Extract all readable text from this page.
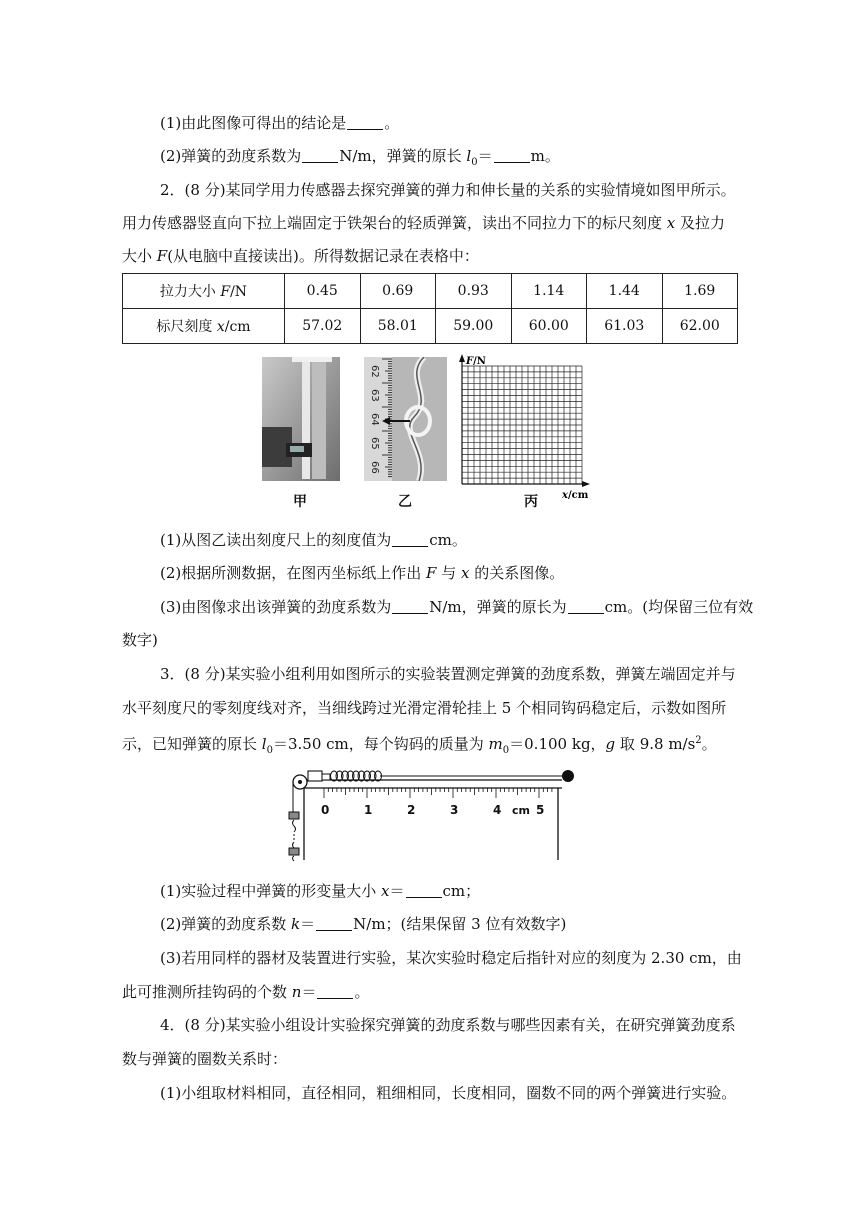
(1)由此图像可得出的结论是	。
(2)弹簧的劲度系数为	N/m，弹簧的原长 $l_0=$	m。
2．(8 分)某同学用力传感器去探究弹簧的弹力和伸长量的关系的实验情境如图甲所示。
用力传感器竖直向下拉上端固定于铁架台的轻质弹簧，读出不同拉力下的标尺刻度 x 及拉力
大小 F(从电脑中直接读出)。所得数据记录在表格中：
拉力大小 F/N	0.45	0.69	0.93	1.14	1.44	1.69
标尺刻度 x/cm	57.02	58.01	59.00	60.00	61.03	62.00
62
63
64
65
66
F/N
x/cm
甲	乙	丙
(1)从图乙读出刻度尺上的刻度值为	cm。
(2)根据所测数据，在图丙坐标纸上作出 F 与 x 的关系图像。
(3)由图像求出该弹簧的劲度系数为	N/m，弹簧的原长为	cm。(均保留三位有效
数字)
3．(8 分)某实验小组利用如图所示的实验装置测定弹簧的劲度系数，弹簧左端固定并与
水平刻度尺的零刻度线对齐，当细线跨过光滑定滑轮挂上 5 个相同钩码稳定后，示数如图所
示，已知弹簧的原长 $l_0=3.50$ cm，每个钩码的质量为 $m_0=0.100$ kg，g 取 9.8 $m/s^2$。
0	1	2	3	4 cm 5
(1)实验过程中弹簧的形变量大小 x＝	cm；
(2)弹簧的劲度系数 k＝	N/m；(结果保留 3 位有效数字)
(3)若用同样的器材及装置进行实验，某次实验时稳定后指针对应的刻度为 2.30 cm，由
此可推测所挂钩码的个数 n＝	。
4．(8 分)某实验小组设计实验探究弹簧的劲度系数与哪些因素有关，在研究弹簧劲度系
数与弹簧的圈数关系时：
(1)小组取材料相同，直径相同，粗细相同，长度相同，圈数不同的两个弹簧进行实验。
